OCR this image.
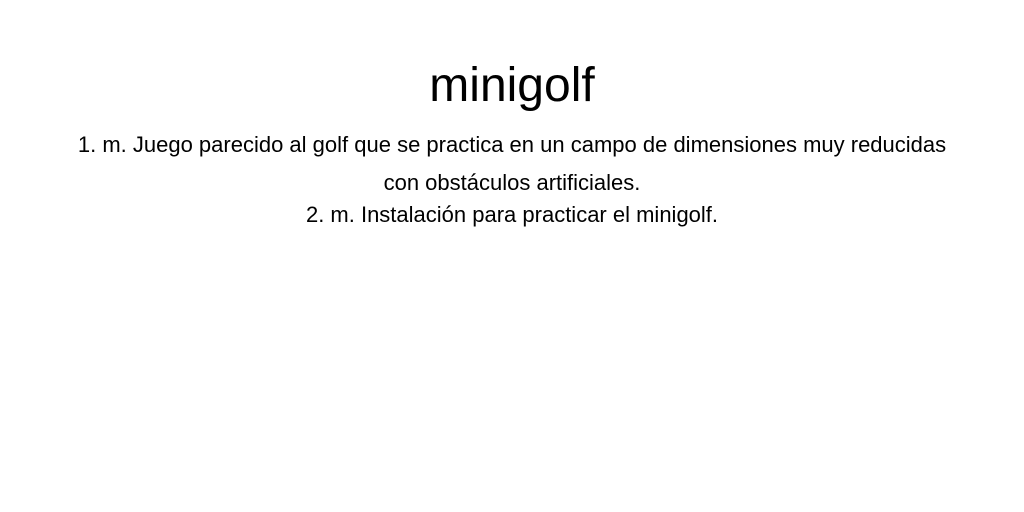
minigolf
1. m. Juego parecido al golf que se practica en un campo de dimensiones muy reducidas con obstáculos artificiales.
2. m. Instalación para practicar el minigolf.
